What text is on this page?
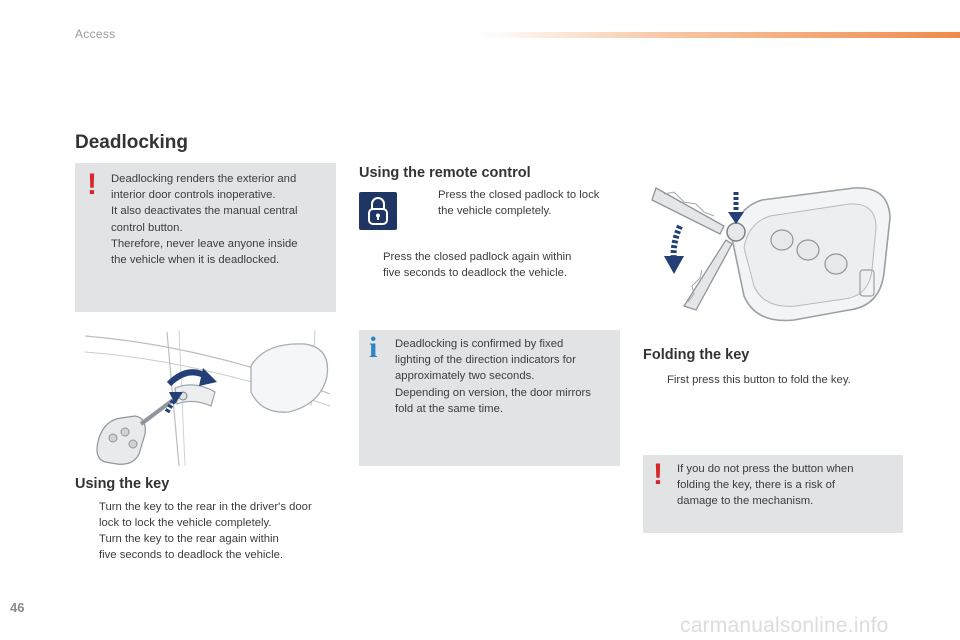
Access
Deadlocking
! Deadlocking renders the exterior and
interior door controls inoperative.
It also deactivates the manual central
control button.
Therefore, never leave anyone inside
the vehicle when it is deadlocked.
Using the remote control
Press the closed padlock to lock
the vehicle completely.
Press the closed padlock again within
five seconds to deadlock the vehicle.
i Deadlocking is confirmed by fixed
lighting of the direction indicators for
approximately two seconds.
Depending on version, the door mirrors
fold at the same time.
Folding the key
First press this button to fold the key.
! If you do not press the button when
folding the key, there is a risk of
damage to the mechanism.
Using the key
Turn the key to the rear in the driver's door
lock to lock the vehicle completely.
Turn the key to the rear again within
five seconds to deadlock the vehicle.
46
carmanualsonline.info
